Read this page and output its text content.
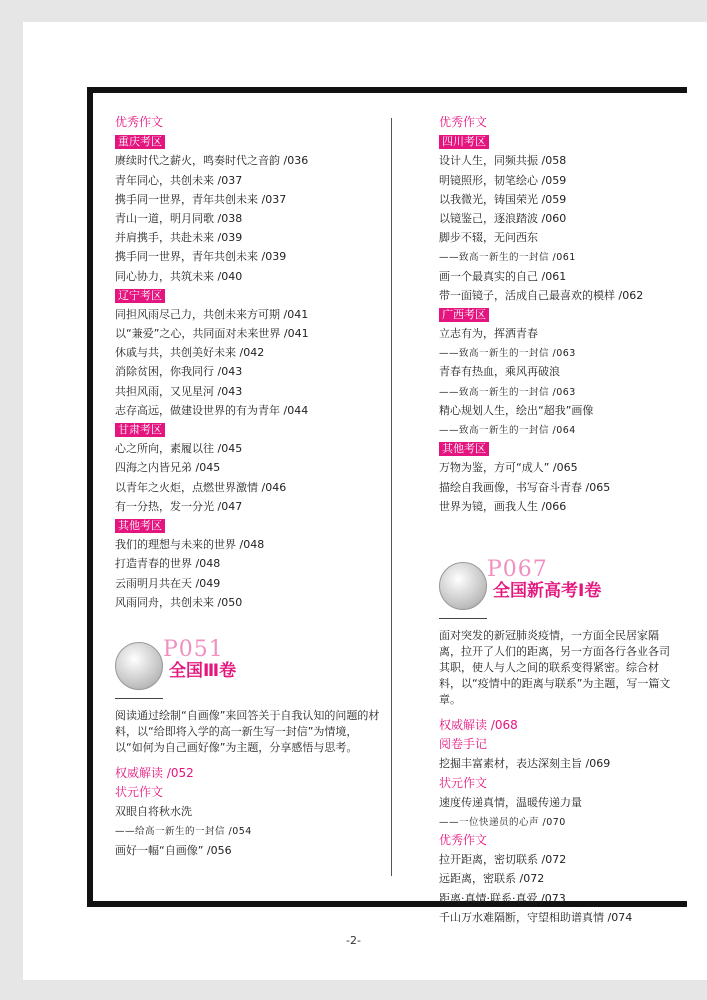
优秀作文
重庆考区
赓续时代之薪火，鸣奏时代之音韵 /036
青年同心，共创未来 /037
携手同一世界，青年共创未来 /037
青山一道，明月同歌 /038
并肩携手，共赴未来 /039
携手同一世界，青年共创未来 /039
同心协力，共筑未来 /040
辽宁考区
同担风雨尽己力，共创未来方可期 /041
以“兼爱”之心，共同面对未来世界 /041
休戚与共，共创美好未来 /042
消除贫困，你我同行 /043
共担风雨，又见星河 /043
志存高远，做建设世界的有为青年 /044
甘肃考区
心之所向，素履以往 /045
四海之内皆兄弟 /045
以青年之火炬，点燃世界激情 /046
有一分热，发一分光 /047
其他考区
我们的理想与未来的世界 /048
打造青春的世界 /048
云雨明月共在天 /049
风雨同舟，共创未来 /050
P051
全国Ⅲ卷
阅读通过绘制“自画像”来回答关于自我认知的问题的材料，以“给即将入学的高一新生写一封信”为情境，以“如何为自己画好像”为主题，分享感悟与思考。
权威解读 /052
状元作文
双眼自将秋水洗
——给高一新生的一封信 /054
画好一幅“自画像” /056
优秀作文
四川考区
设计人生，同频共振 /058
明镜照形，韧笔绘心 /059
以我微光，铸国荣光 /059
以镜鉴己，逐浪踏波 /060
脚步不辍，无问西东
——致高一新生的一封信 /061
画一个最真实的自己 /061
带一面镜子，活成自己最喜欢的模样 /062
广西考区
立志有为，挥洒青春
——致高一新生的一封信 /063
青春有热血，乘风再破浪
——致高一新生的一封信 /063
精心规划人生，绘出“超我”画像
——致高一新生的一封信 /064
其他考区
万物为鉴，方可“成人” /065
描绘自我画像，书写奋斗青春 /065
世界为镜，画我人生 /066
P067
全国新高考Ⅰ卷
面对突发的新冠肺炎疫情，一方面全民居家隔离，拉开了人们的距离，另一方面各行各业各司其职，使人与人之间的联系变得紧密。综合材料，以“疫情中的距离与联系”为主题，写一篇文章。
权威解读 /068
阅卷手记
挖掘丰富素材，表达深刻主旨 /069
状元作文
速度传递真情，温暖传递力量
——一位快递员的心声 /070
优秀作文
拉开距离，密切联系 /072
远距离，密联系 /072
距离·真情·联系·真爱 /073
千山万水难隔断，守望相助谱真情 /074
-2-
